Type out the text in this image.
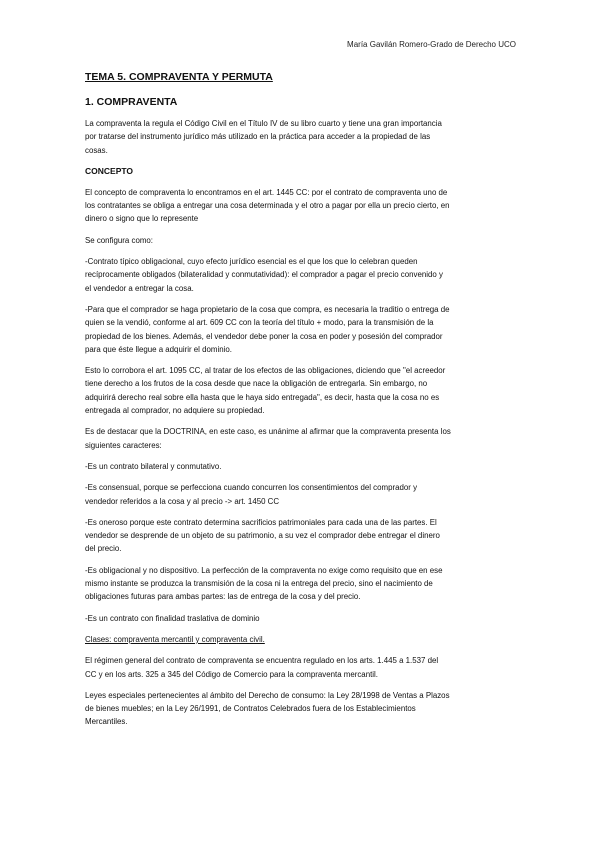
María Gavilán Romero-Grado de Derecho UCO
TEMA 5. COMPRAVENTA Y PERMUTA
1. COMPRAVENTA
La compraventa la regula el Código Civil en el Título IV de su libro cuarto y tiene una gran importancia
por tratarse del instrumento jurídico más utilizado en la práctica para acceder a la propiedad de las
cosas.
CONCEPTO
El concepto de compraventa lo encontramos en el art. 1445 CC: por el contrato de compraventa uno de
los contratantes se obliga a entregar una cosa determinada y el otro a pagar por ella un precio cierto, en
dinero o signo que lo represente
Se configura como:
-Contrato típico obligacional, cuyo efecto jurídico esencial es el que los que lo celebran queden
recíprocamente obligados (bilateralidad y conmutatividad): el comprador a pagar el precio convenido y
el vendedor a entregar la cosa.
-Para que el comprador se haga propietario de la cosa que compra, es necesaria la traditio o entrega de
quien se la vendió, conforme al art. 609 CC con la teoría del título + modo, para la transmisión de la
propiedad de los bienes. Además, el vendedor debe poner la cosa en poder y posesión del comprador
para que éste llegue a adquirir el dominio.
Esto lo corrobora el art. 1095 CC, al tratar de los efectos de las obligaciones, diciendo que "el acreedor
tiene derecho a los frutos de la cosa desde que nace la obligación de entregarla. Sin embargo, no
adquirirá derecho real sobre ella hasta que le haya sido entregada", es decir, hasta que la cosa no es
entregada al comprador, no adquiere su propiedad.
Es de destacar que la DOCTRINA, en este caso, es unánime al afirmar que la compraventa presenta los
siguientes caracteres:
-Es un contrato bilateral y conmutativo.
-Es consensual, porque se perfecciona cuando concurren los consentimientos del comprador y
vendedor referidos a la cosa y al precio -> art. 1450 CC
-Es oneroso porque este contrato determina sacrificios patrimoniales para cada una de las partes. El
vendedor se desprende de un objeto de su patrimonio, a su vez el comprador debe entregar el dinero
del precio.
-Es obligacional y no dispositivo. La perfección de la compraventa no exige como requisito que en ese
mismo instante se produzca la transmisión de la cosa ni la entrega del precio, sino el nacimiento de
obligaciones futuras para ambas partes: las de entrega de la cosa y del precio.
-Es un contrato con finalidad traslativa de dominio
Clases: compraventa mercantil y compraventa civil.
El régimen general del contrato de compraventa se encuentra regulado en los arts. 1.445 a 1.537 del
CC y en los arts. 325 a 345 del Código de Comercio para la compraventa mercantil.
Leyes especiales pertenecientes al ámbito del Derecho de consumo: la Ley 28/1998 de Ventas a Plazos
de bienes muebles; en la Ley 26/1991, de Contratos Celebrados fuera de los Establecimientos
Mercantiles.
